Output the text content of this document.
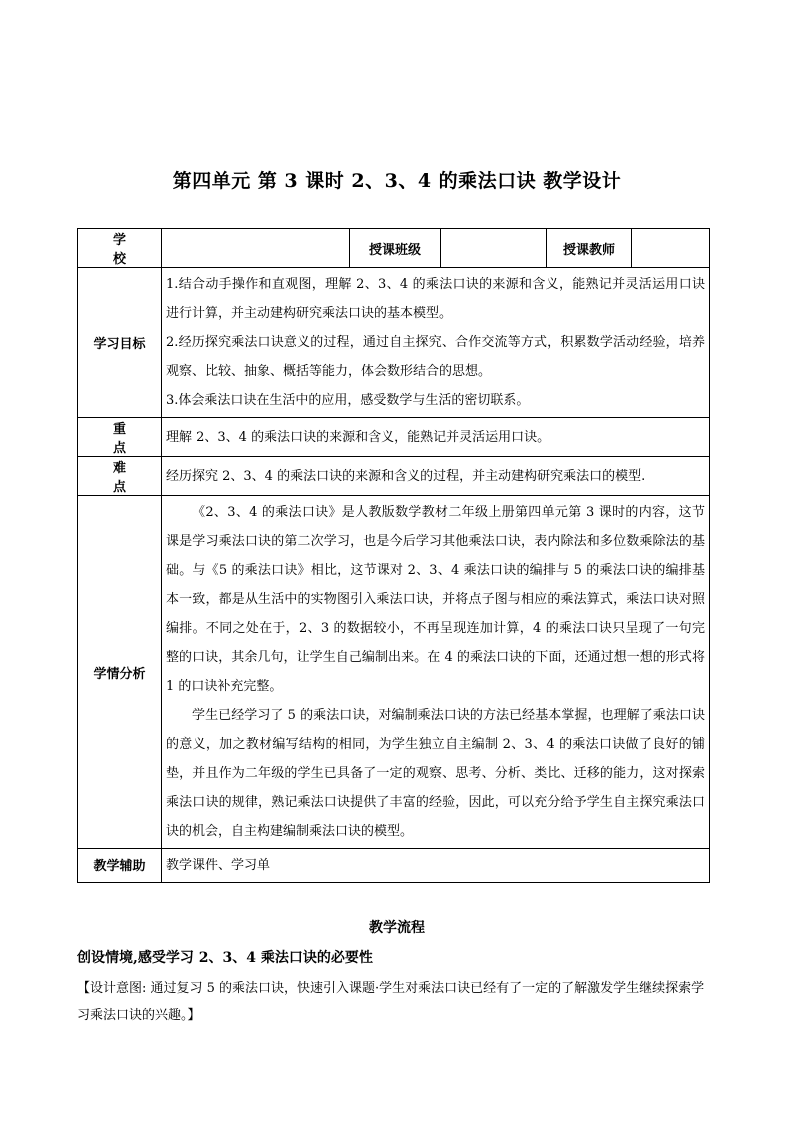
第四单元 第 3 课时 2、3、4 的乘法口诀 教学设计
学 校		授课班级		授课教师	
学习目标	1.结合动手操作和直观图，理解 2、3、4 的乘法口诀的来源和含义，能熟记并灵活运用口诀进行计算，并主动建构研究乘法口诀的基本模型。

2.经历探究乘法口诀意义的过程，通过自主探究、合作交流等方式，积累数学活动经验，培养观察、比较、抽象、概括等能力，体会数形结合的思想。

3.体会乘法口诀在生活中的应用，感受数学与生活的密切联系。				

重 点	理解 2、3、4 的乘法口诀的来源和含义，能熟记并灵活运用口诀。				
难 点	经历探究 2、3、4 的乘法口诀的来源和含义的过程，并主动建构研究乘法口的模型.				
学情分析	《2、3、4 的乘法口诀》是人教版数学教材二年级上册第四单元第 3 课时的内容，这节课是学习乘法口诀的第二次学习，也是今后学习其他乘法口诀，表内除法和多位数乘除法的基础。与《5 的乘法口诀》相比，这节课对 2、3、4 乘法口诀的编排与 5 的乘法口诀的编排基本一致，都是从生活中的实物图引入乘法口诀，并将点子图与相应的乘法算式，乘法口诀对照编排。不同之处在于，2、3 的数据较小，不再呈现连加计算，4 的乘法口诀只呈现了一句完整的口诀，其余几句，让学生自己编制出来。在 4 的乘法口诀的下面，还通过想一想的形式将 1 的口诀补充完整。

学生已经学习了 5 的乘法口诀，对编制乘法口诀的方法已经基本掌握，也理解了乘法口诀的意义，加之教材编写结构的相同，为学生独立自主编制 2、3、4 的乘法口诀做了良好的铺垫，并且作为二年级的学生已具备了一定的观察、思考、分析、类比、迁移的能力，这对探索乘法口诀的规律，熟记乘法口诀提供了丰富的经验，因此，可以充分给予学生自主探究乘法口诀的机会，自主构建编制乘法口诀的模型。				

教学辅助	教学课件、学习单				
教学流程
创设情境,感受学习 2、3、4 乘法口诀的必要性
【设计意图: 通过复习 5 的乘法口诀，快速引入课题·学生对乘法口诀已经有了一定的了解激发学生继续探索学习乘法口诀的兴趣。】
